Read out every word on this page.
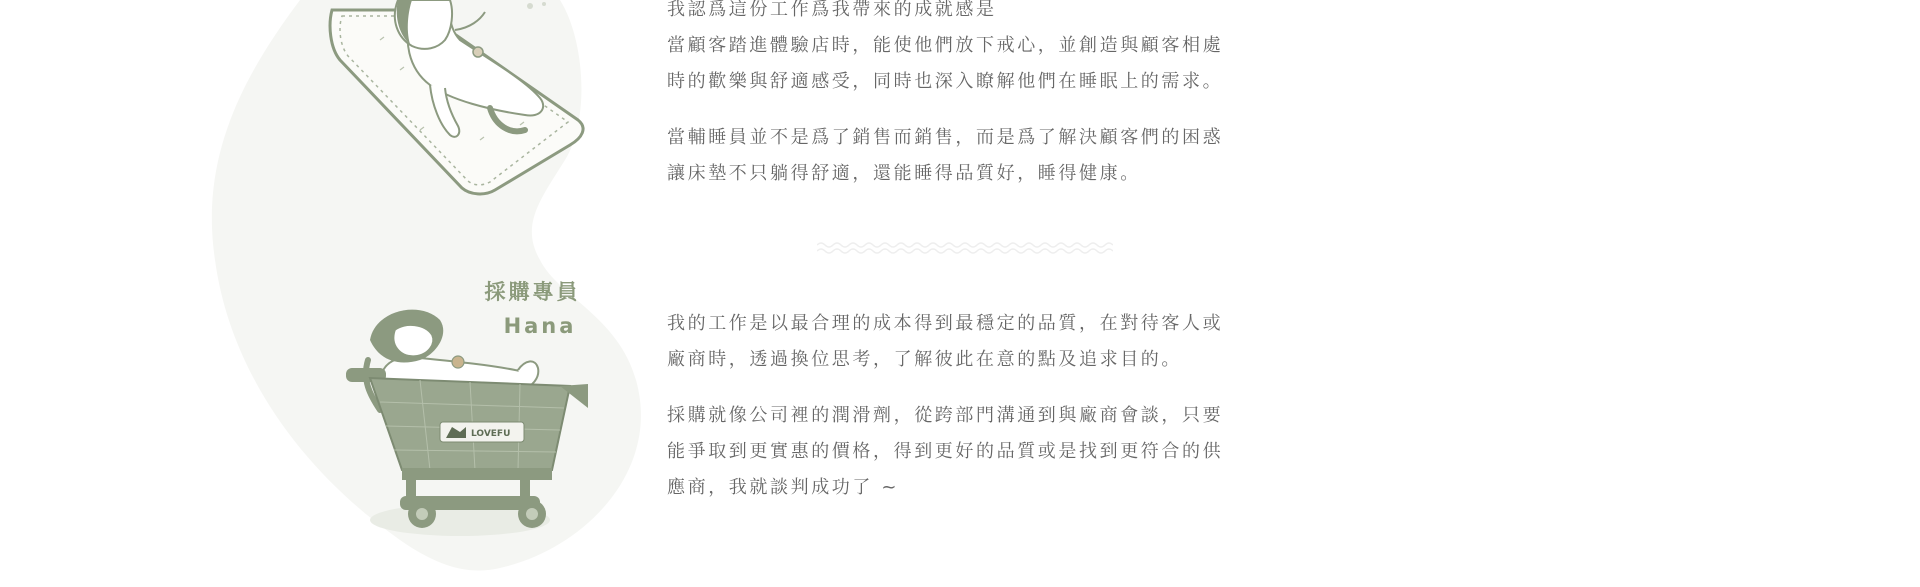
採購專員
Hana
LOVEFU

我認爲這份工作爲我帶來的成就感是
當顧客踏進體驗店時，能使他們放下戒心，並創造與顧客相處
時的歡樂與舒適感受，同時也深入瞭解他們在睡眠上的需求。

當輔睡員並不是爲了銷售而銷售，而是爲了解決顧客們的困惑
讓床墊不只躺得舒適，還能睡得品質好，睡得健康。

我的工作是以最合理的成本得到最穩定的品質，在對待客人或
廠商時，透過換位思考，了解彼此在意的點及追求目的。

採購就像公司裡的潤滑劑，從跨部門溝通到與廠商會談，只要
能爭取到更實惠的價格，得到更好的品質或是找到更符合的供
應商，我就談判成功了 ~
